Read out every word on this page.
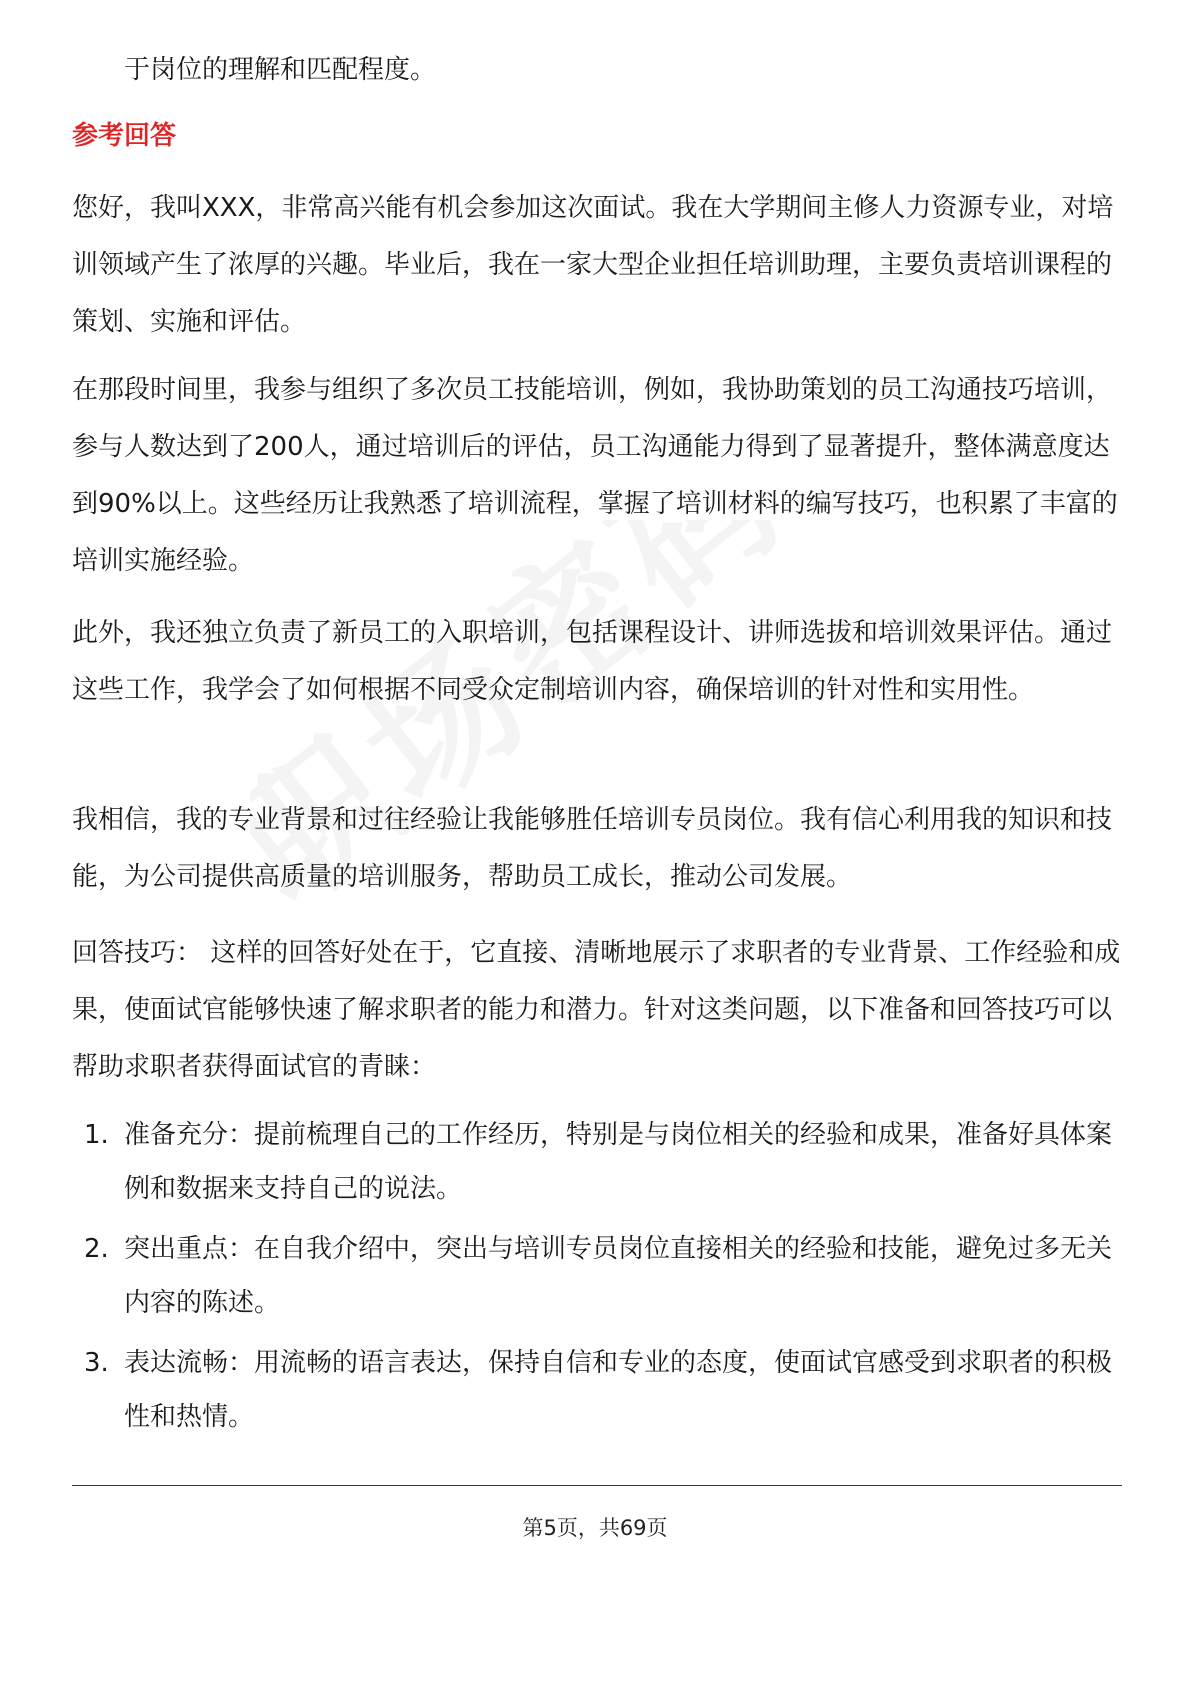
于岗位的理解和匹配程度。

参考回答

您好，我叫XXX，非常高兴能有机会参加这次面试。我在大学期间主修人力资源专业，对培训领域产生了浓厚的兴趣。毕业后，我在一家大型企业担任培训助理，主要负责培训课程的策划、实施和评估。

在那段时间里，我参与组织了多次员工技能培训，例如，我协助策划的员工沟通技巧培训，参与人数达到了200人，通过培训后的评估，员工沟通能力得到了显著提升，整体满意度达到90%以上。这些经历让我熟悉了培训流程，掌握了培训材料的编写技巧，也积累了丰富的培训实施经验。

此外，我还独立负责了新员工的入职培训，包括课程设计、讲师选拔和培训效果评估。通过这些工作，我学会了如何根据不同受众定制培训内容，确保培训的针对性和实用性。

我相信，我的专业背景和过往经验让我能够胜任培训专员岗位。我有信心利用我的知识和技能，为公司提供高质量的培训服务，帮助员工成长，推动公司发展。

回答技巧： 这样的回答好处在于，它直接、清晰地展示了求职者的专业背景、工作经验和成果，使面试官能够快速了解求职者的能力和潜力。针对这类问题，以下准备和回答技巧可以帮助求职者获得面试官的青睐：

1. 准备充分：提前梳理自己的工作经历，特别是与岗位相关的经验和成果，准备好具体案例和数据来支持自己的说法。
2. 突出重点：在自我介绍中，突出与培训专员岗位直接相关的经验和技能，避免过多无关内容的陈述。
3. 表达流畅：用流畅的语言表达，保持自信和专业的态度，使面试官感受到求职者的积极性和热情。
第5页，共69页
